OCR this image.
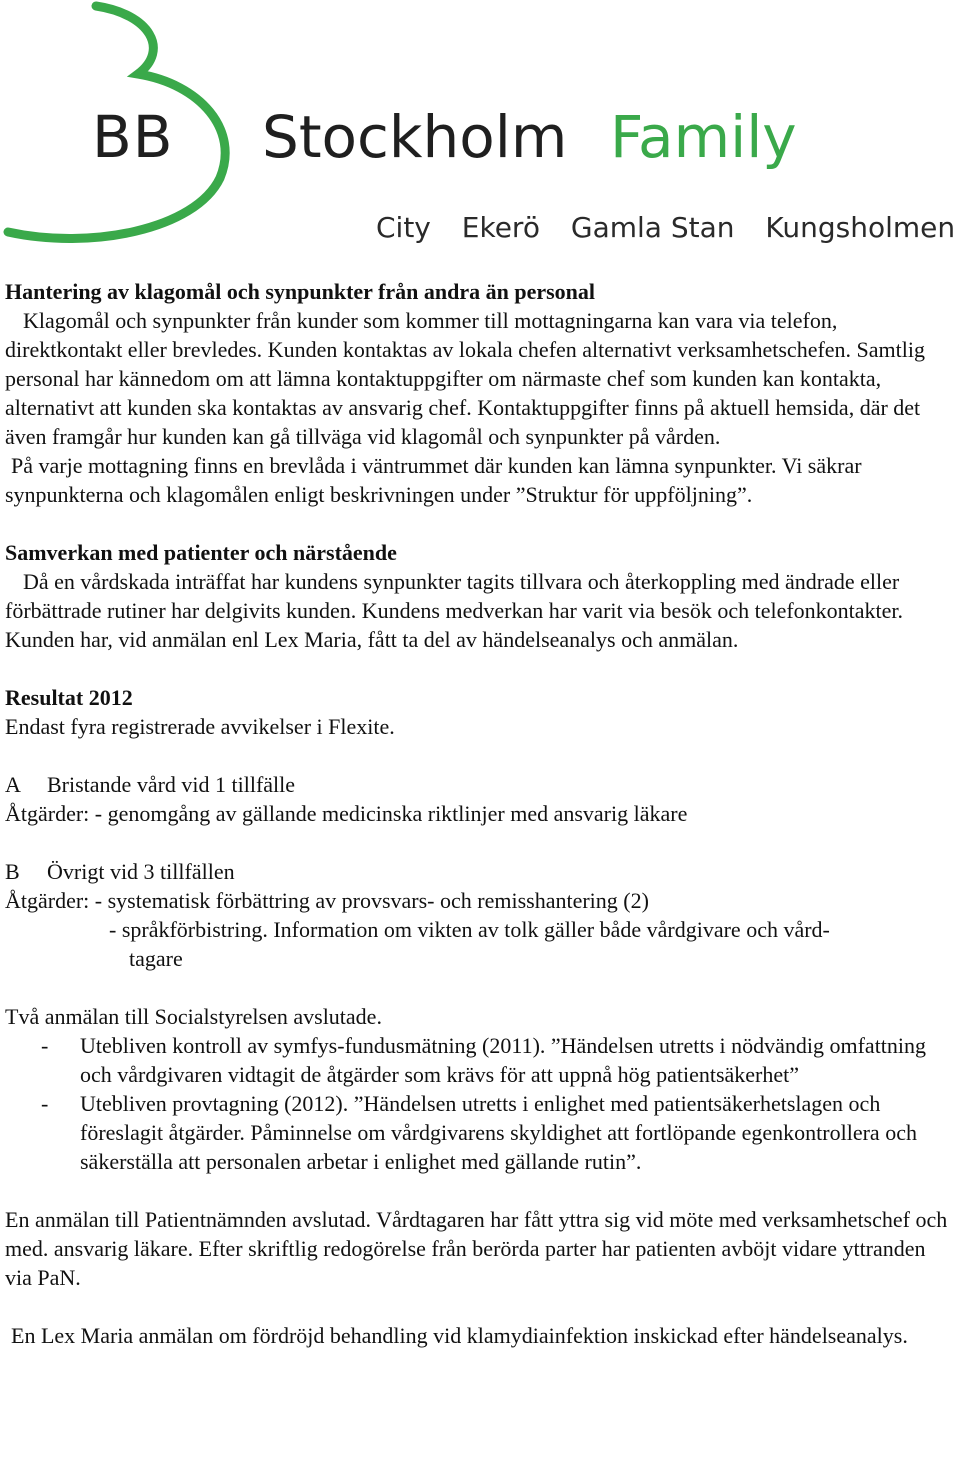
BB Stockholm Family
City Ekerö Gamla Stan Kungsholmen

Hantering av klagomål och synpunkter från andra än personal

Klagomål och synpunkter från kunder som kommer till mottagningarna kan vara via telefon, direktkontakt eller brevledes. Kunden kontaktas av lokala chefen alternativt verksamhetschefen. Samtlig personal har kännedom om att lämna kontaktuppgifter om närmaste chef som kunden kan kontakta, alternativt att kunden ska kontaktas av ansvarig chef. Kontaktuppgifter finns på aktuell hemsida, där det även framgår hur kunden kan gå tillväga vid klagomål och synpunkter på vården.

På varje mottagning finns en brevlåda i väntrummet där kunden kan lämna synpunkter. Vi säkrar synpunkterna och klagomålen enligt beskrivningen under ”Struktur för uppföljning”.

Samverkan med patienter och närstående

Då en vårdskada inträffat har kundens synpunkter tagits tillvara och återkoppling med ändrade eller förbättrade rutiner har delgivits kunden. Kundens medverkan har varit via besök och telefonkontakter. Kunden har, vid anmälan enl Lex Maria, fått ta del av händelseanalys och anmälan.

Resultat 2012

Endast fyra registrerade avvikelser i Flexite.

A Bristande vård vid 1 tillfälle

Åtgärder: - genomgång av gällande medicinska riktlinjer med ansvarig läkare

B Övrigt vid 3 tillfällen

Åtgärder: - systematisk förbättring av provsvars- och remisshantering (2)

- språkförbistring. Information om vikten av tolk gäller både vårdgivare och vård-

tagare

Två anmälan till Socialstyrelsen avslutade.

-	Utebliven kontroll av symfys-fundusmätning (2011). ”Händelsen utretts i nödvändig omfattning och vårdgivaren vidtagit de åtgärder som krävs för att uppnå hög patientsäkerhet”
-	Utebliven provtagning (2012). ”Händelsen utretts i enlighet med patientsäkerhetslagen och föreslagit åtgärder. Påminnelse om vårdgivarens skyldighet att fortlöpande egenkontrollera och säkerställa att personalen arbetar i enlighet med gällande rutin”.

En anmälan till Patientnämnden avslutad. Vårdtagaren har fått yttra sig vid möte med verksamhetschef och med. ansvarig läkare. Efter skriftlig redogörelse från berörda parter har patienten avböjt vidare yttranden via PaN.

En Lex Maria anmälan om fördröjd behandling vid klamydiainfektion inskickad efter händelseanalys.
